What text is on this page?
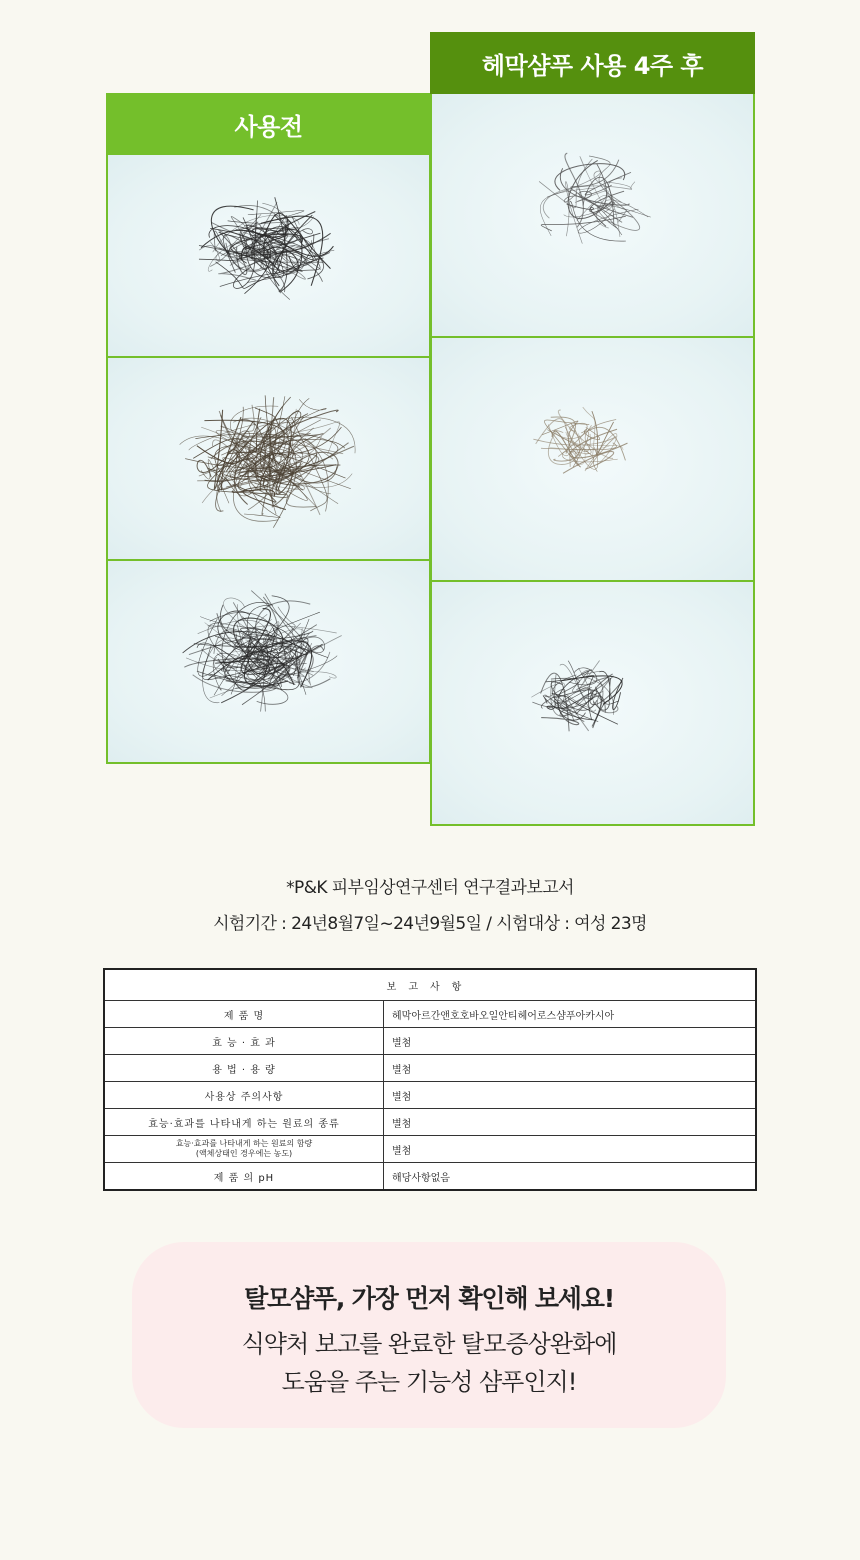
사용전
헤막샴푸 사용 4주 후
*P&K 피부임상연구센터 연구결과보고서
시험기간 : 24년8월7일~24년9월5일 / 시험대상 : 여성 23명
보고사항	
제 품 명	헤막아르간앤호호바오일안티헤어로스샴푸아카시아
효 능 · 효 과	별첨
용 법 · 용 량	별첨
사용상 주의사항	별첨
효능·효과를 나타내게 하는 원료의 종류	별첨
효능·효과를 나타내게 하는 원료의 함량
(액체상태인 경우에는 농도)	별첨
제 품 의 pH	해당사항없음
탈모샴푸, 가장 먼저 확인해 보세요!
식약처 보고를 완료한 탈모증상완화에
도움을 주는 기능성 샴푸인지!
